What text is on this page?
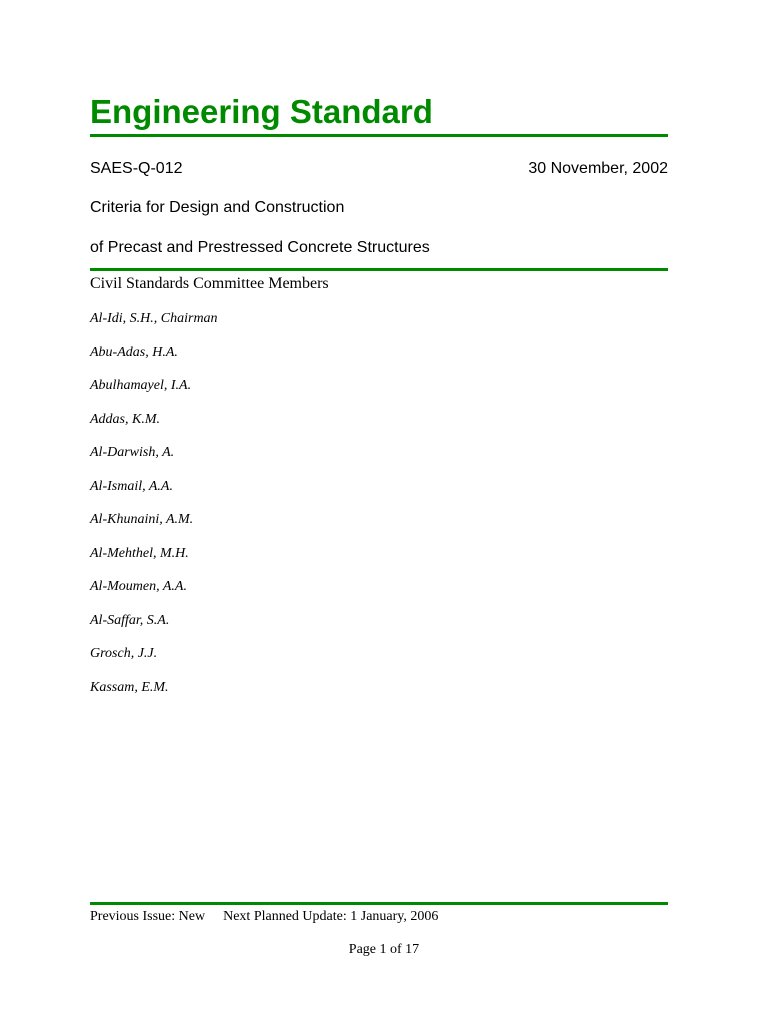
Engineering Standard
SAES-Q-012	30 November, 2002
Criteria for Design and Construction
of Precast and Prestressed Concrete Structures
Civil Standards Committee Members
Al-Idi, S.H., Chairman
Abu-Adas, H.A.
Abulhamayel, I.A.
Addas, K.M.
Al-Darwish, A.
Al-Ismail, A.A.
Al-Khunaini, A.M.
Al-Mehthel, M.H.
Al-Moumen, A.A.
Al-Saffar, S.A.
Grosch, J.J.
Kassam, E.M.
Previous Issue: New Next Planned Update: 1 January, 2006
Page 1 of 17
